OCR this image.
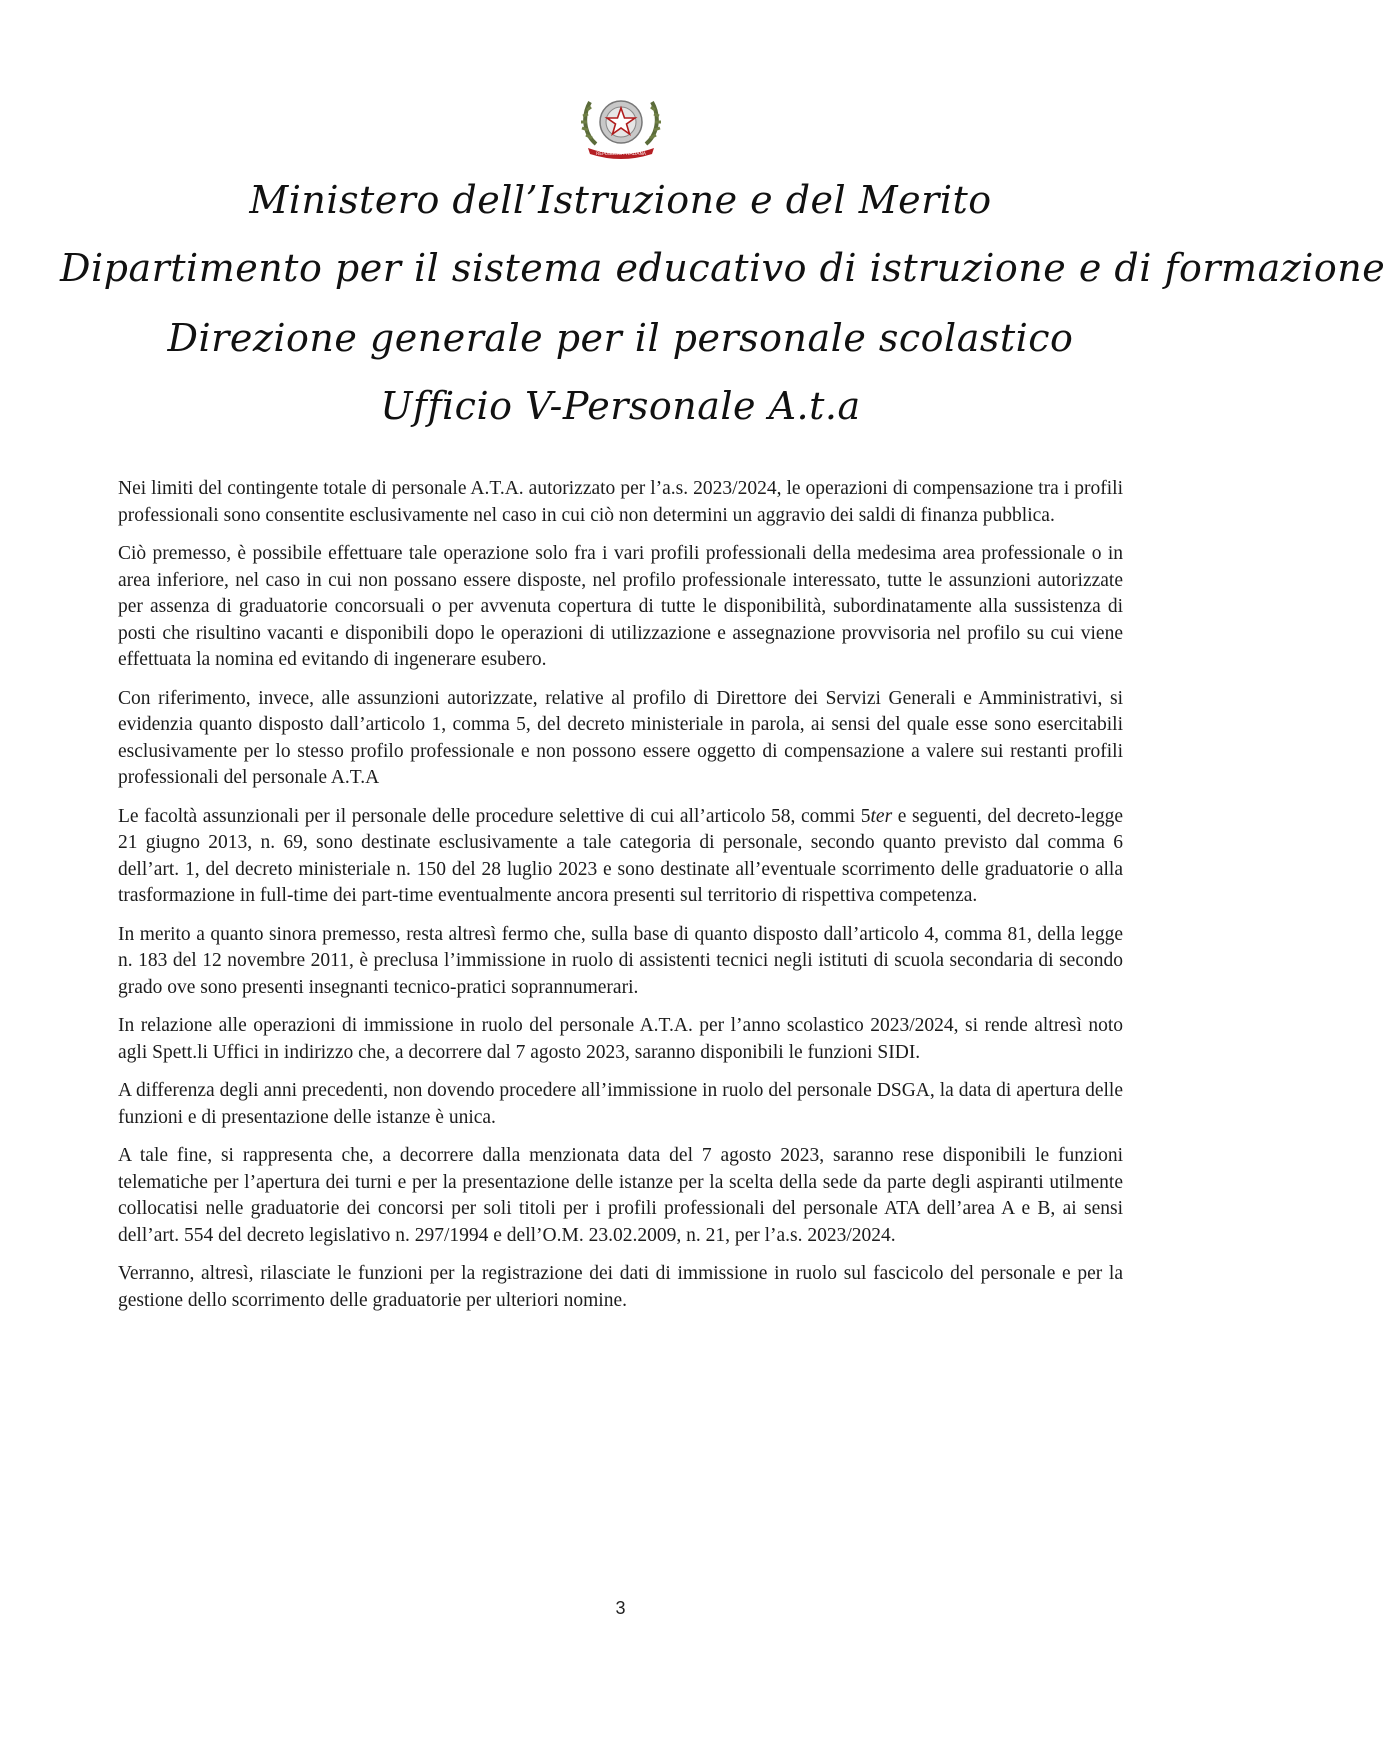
REPUBBLICA ITALIANA
Ministero dell’Istruzione e del Merito
Dipartimento per il sistema educativo di istruzione e di formazione
Direzione generale per il personale scolastico
Ufficio V-Personale A.t.a

Nei limiti del contingente totale di personale A.T.A. autorizzato per l’a.s. 2023/2024, le operazioni di compensazione tra i profili professionali sono consentite esclusivamente nel caso in cui ciò non determini un aggravio dei saldi di finanza pubblica.

Ciò premesso, è possibile effettuare tale operazione solo fra i vari profili professionali della medesima area professionale o in area inferiore, nel caso in cui non possano essere disposte, nel profilo professionale interessato, tutte le assunzioni autorizzate per assenza di graduatorie concorsuali o per avvenuta copertura di tutte le disponibilità, subordinatamente alla sussistenza di posti che risultino vacanti e disponibili dopo le operazioni di utilizzazione e assegnazione provvisoria nel profilo su cui viene effettuata la nomina ed evitando di ingenerare esubero.

Con riferimento, invece, alle assunzioni autorizzate, relative al profilo di Direttore dei Servizi Generali e Amministrativi, si evidenzia quanto disposto dall’articolo 1, comma 5, del decreto ministeriale in parola, ai sensi del quale esse sono esercitabili esclusivamente per lo stesso profilo professionale e non possono essere oggetto di compensazione a valere sui restanti profili professionali del personale A.T.A

Le facoltà assunzionali per il personale delle procedure selettive di cui all’articolo 58, commi 5ter e seguenti, del decreto-legge 21 giugno 2013, n. 69, sono destinate esclusivamente a tale categoria di personale, secondo quanto previsto dal comma 6 dell’art. 1, del decreto ministeriale n. 150 del 28 luglio 2023 e sono destinate all’eventuale scorrimento delle graduatorie o alla trasformazione in full-time dei part-time eventualmente ancora presenti sul territorio di rispettiva competenza.

In merito a quanto sinora premesso, resta altresì fermo che, sulla base di quanto disposto dall’articolo 4, comma 81, della legge n. 183 del 12 novembre 2011, è preclusa l’immissione in ruolo di assistenti tecnici negli istituti di scuola secondaria di secondo grado ove sono presenti insegnanti tecnico-pratici soprannumerari.

In relazione alle operazioni di immissione in ruolo del personale A.T.A. per l’anno scolastico 2023/2024, si rende altresì noto agli Spett.li Uffici in indirizzo che, a decorrere dal 7 agosto 2023, saranno disponibili le funzioni SIDI.

A differenza degli anni precedenti, non dovendo procedere all’immissione in ruolo del personale DSGA, la data di apertura delle funzioni e di presentazione delle istanze è unica.

A tale fine, si rappresenta che, a decorrere dalla menzionata data del 7 agosto 2023, saranno rese disponibili le funzioni telematiche per l’apertura dei turni e per la presentazione delle istanze per la scelta della sede da parte degli aspiranti utilmente collocatisi nelle graduatorie dei concorsi per soli titoli per i profili professionali del personale ATA dell’area A e B, ai sensi dell’art. 554 del decreto legislativo n. 297/1994 e dell’O.M. 23.02.2009, n. 21, per l’a.s. 2023/2024.

Verranno, altresì, rilasciate le funzioni per la registrazione dei dati di immissione in ruolo sul fascicolo del personale e per la gestione dello scorrimento delle graduatorie per ulteriori nomine.

3
